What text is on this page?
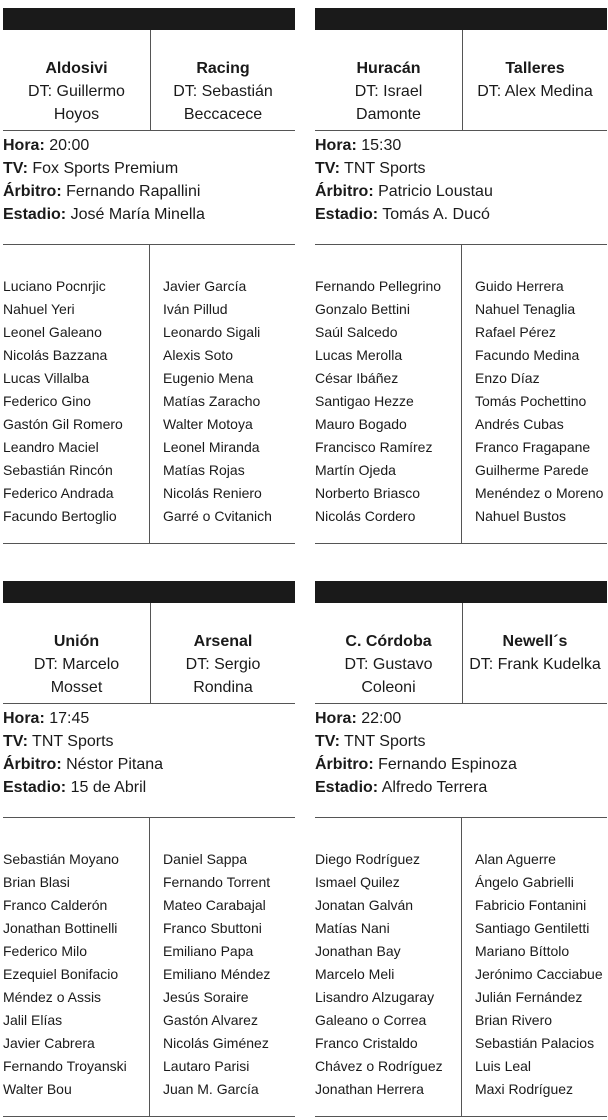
Aldosivi
DT: Guillermo Hoyos
Racing
DT: Sebastián Beccacece
Hora: 20:00
TV: Fox Sports Premium
Árbitro: Fernando Rapallini
Estadio: José María Minella
Luciano Pocnrjic
Nahuel Yeri
Leonel Galeano
Nicolás Bazzana
Lucas Villalba
Federico Gino
Gastón Gil Romero
Leandro Maciel
Sebastián Rincón
Federico Andrada
Facundo Bertoglio
Javier García
Iván Pillud
Leonardo Sigali
Alexis Soto
Eugenio Mena
Matías Zaracho
Walter Motoya
Leonel Miranda
Matías Rojas
Nicolás Reniero
Garré o Cvitanich
Huracán
DT: Israel Damonte
Talleres
DT: Alex Medina
Hora: 15:30
TV: TNT Sports
Árbitro: Patricio Loustau
Estadio: Tomás A. Ducó
Fernando Pellegrino
Gonzalo Bettini
Saúl Salcedo
Lucas Merolla
César Ibáñez
Santigao Hezze
Mauro Bogado
Francisco Ramírez
Martín Ojeda
Norberto Briasco
Nicolás Cordero
Guido Herrera
Nahuel Tenaglia
Rafael Pérez
Facundo Medina
Enzo Díaz
Tomás Pochettino
Andrés Cubas
Franco Fragapane
Guilherme Parede
Menéndez o Moreno
Nahuel Bustos
Unión
DT: Marcelo Mosset
Arsenal
DT: Sergio Rondina
Hora: 17:45
TV: TNT Sports
Árbitro: Néstor Pitana
Estadio: 15 de Abril
Sebastián Moyano
Brian Blasi
Franco Calderón
Jonathan Bottinelli
Federico Milo
Ezequiel Bonifacio
Méndez o Assis
Jalil Elías
Javier Cabrera
Fernando Troyanski
Walter Bou
Daniel Sappa
Fernando Torrent
Mateo Carabajal
Franco Sbuttoni
Emiliano Papa
Emiliano Méndez
Jesús Soraire
Gastón Alvarez
Nicolás Giménez
Lautaro Parisi
Juan M. García
C. Córdoba
DT: Gustavo Coleoni
Newell´s
DT: Frank Kudelka
Hora: 22:00
TV: TNT Sports
Árbitro: Fernando Espinoza
Estadio: Alfredo Terrera
Diego Rodríguez
Ismael Quilez
Jonatan Galván
Matías Nani
Jonathan Bay
Marcelo Meli
Lisandro Alzugaray
Galeano o Correa
Franco Cristaldo
Chávez o Rodríguez
Jonathan Herrera
Alan Aguerre
Ángelo Gabrielli
Fabricio Fontanini
Santiago Gentiletti
Mariano Bíttolo
Jerónimo Cacciabue
Julián Fernández
Brian Rivero
Sebastián Palacios
Luis Leal
Maxi Rodríguez
